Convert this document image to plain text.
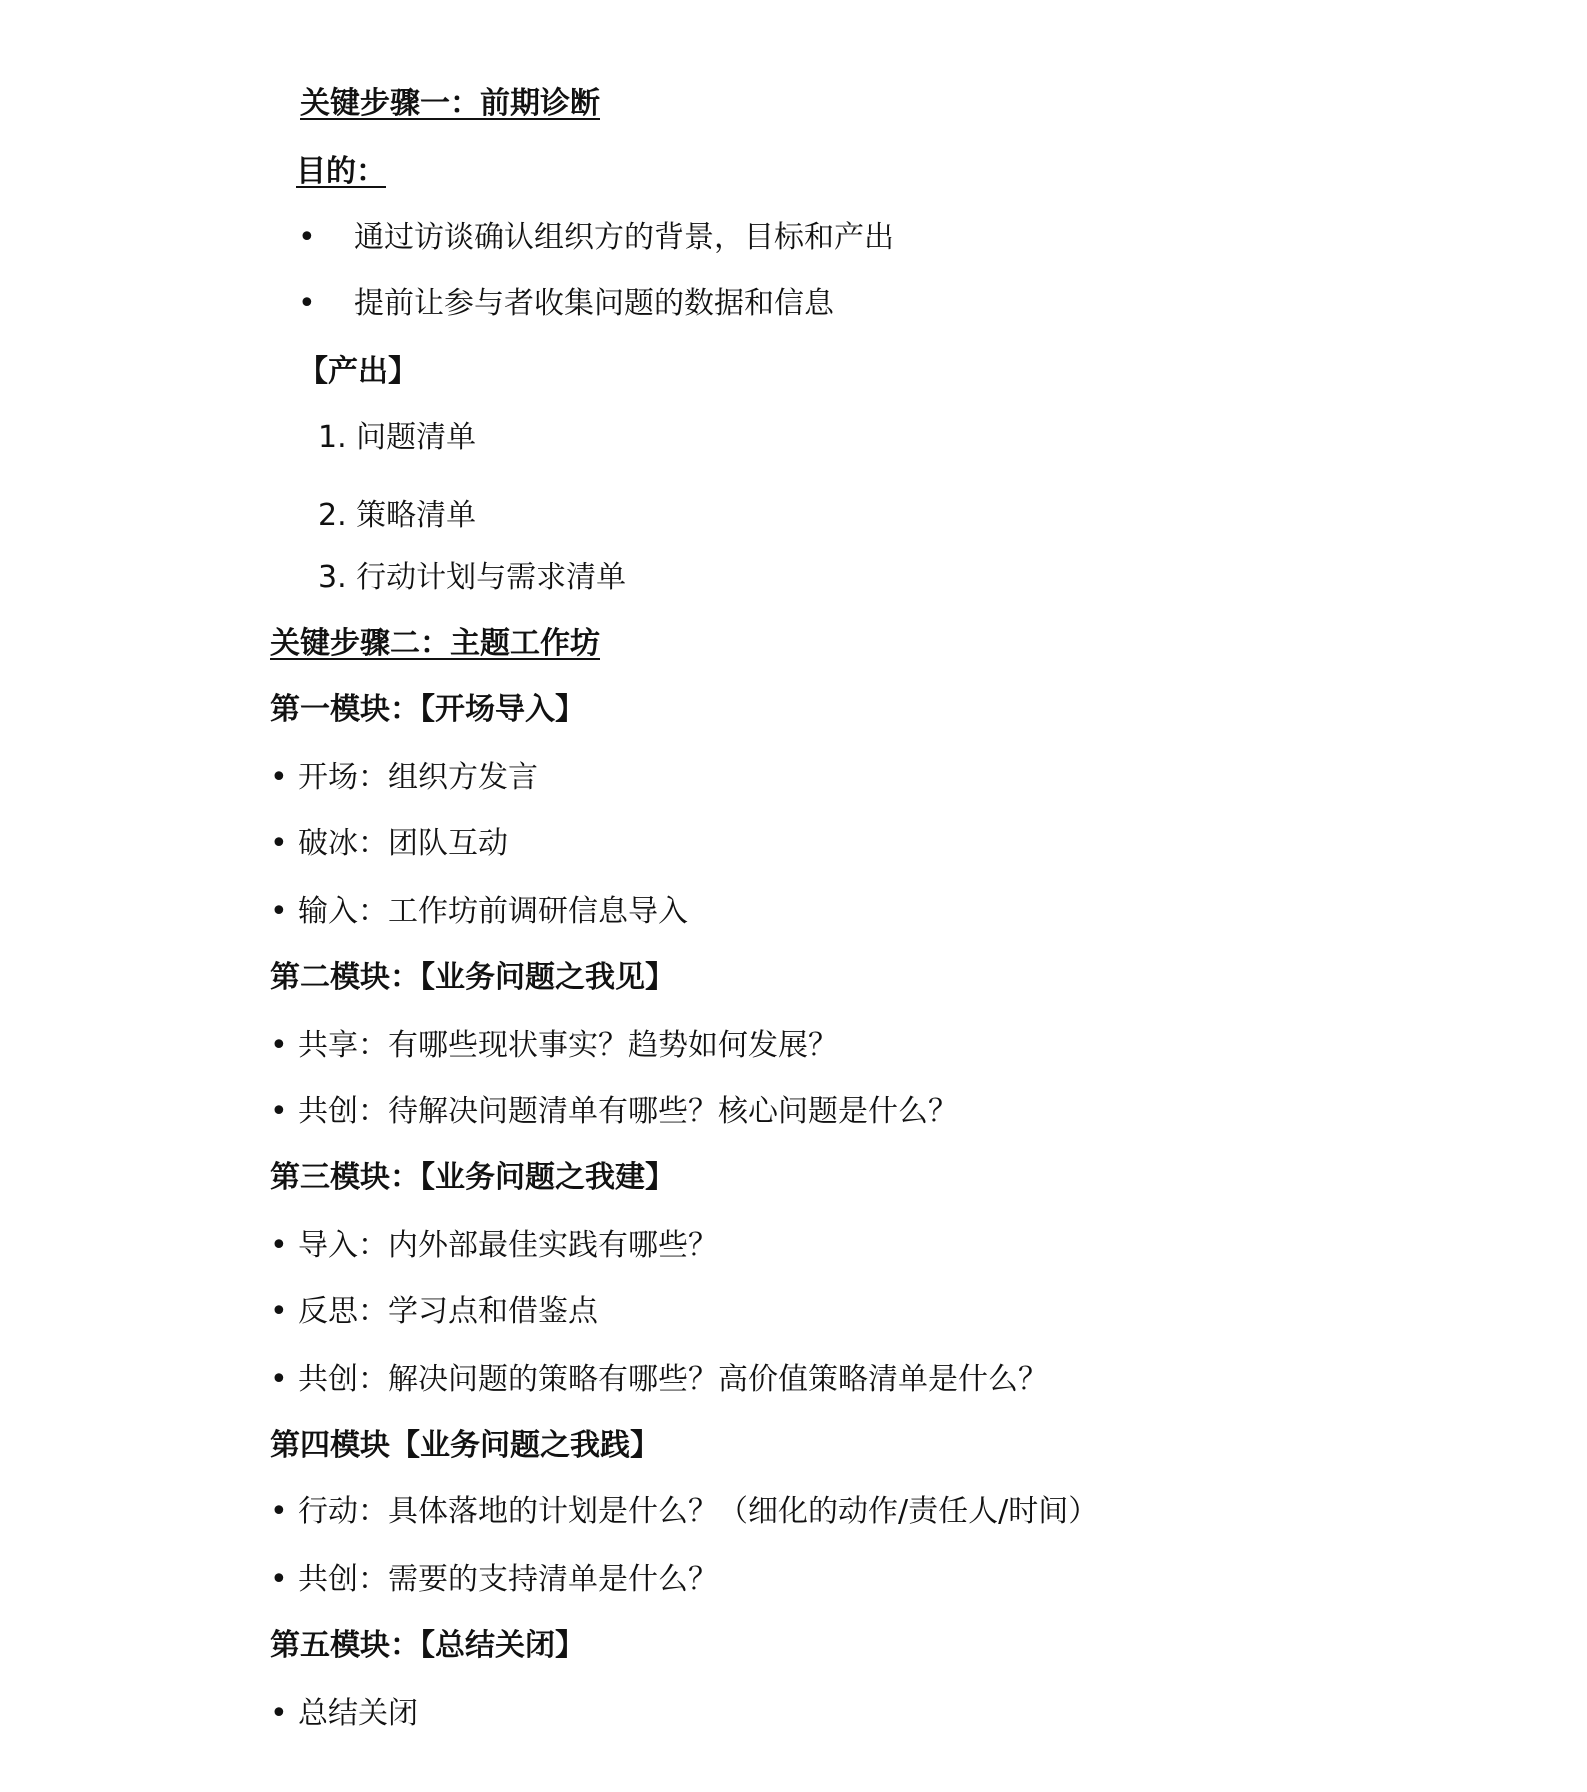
关键步骤一：前期诊断
目的：
• 通过访谈确认组织方的背景，目标和产出
• 提前让参与者收集问题的数据和信息
【产出】
1. 问题清单
2. 策略清单
3. 行动计划与需求清单
关键步骤二：主题工作坊
第一模块：【开场导入】
• 开场：组织方发言
• 破冰：团队互动
• 输入：工作坊前调研信息导入
第二模块：【业务问题之我见】
• 共享：有哪些现状事实？趋势如何发展？
• 共创：待解决问题清单有哪些？核心问题是什么？
第三模块：【业务问题之我建】
• 导入：内外部最佳实践有哪些？
• 反思：学习点和借鉴点
• 共创：解决问题的策略有哪些？高价值策略清单是什么？
第四模块【业务问题之我践】
• 行动：具体落地的计划是什么？（细化的动作/责任人/时间）
• 共创：需要的支持清单是什么？
第五模块：【总结关闭】
• 总结关闭
